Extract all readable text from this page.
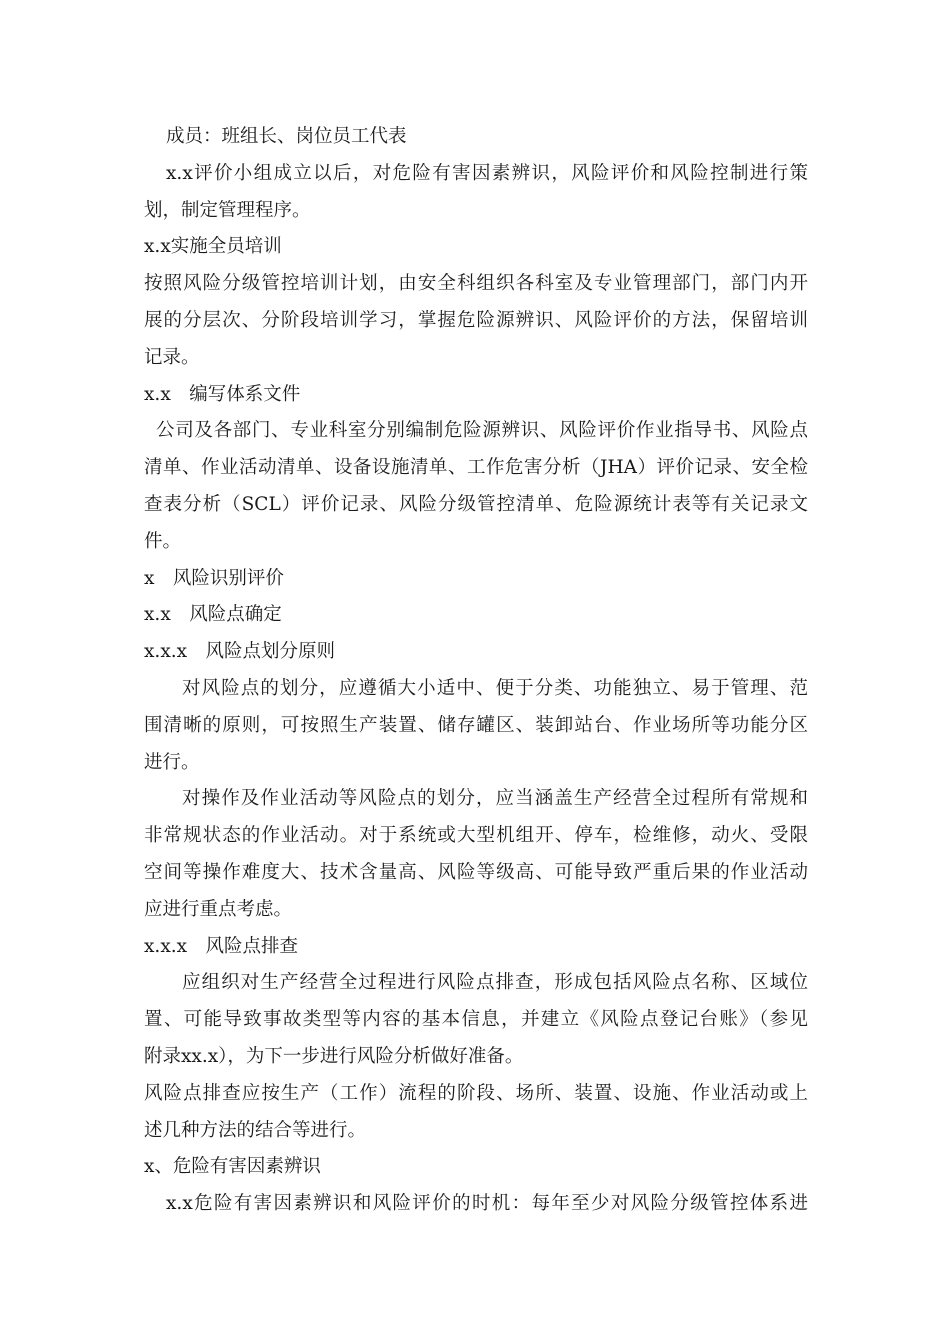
成员：班组长、岗位员工代表
x.x评价小组成立以后，对危险有害因素辨识，风险评价和风险控制进行策
划，制定管理程序。
x.x实施全员培训
按照风险分级管控培训计划，由安全科组织各科室及专业管理部门，部门内开
展的分层次、分阶段培训学习，掌握危险源辨识、风险评价的方法，保留培训
记录。
x.x　编写体系文件
公司及各部门、专业科室分别编制危险源辨识、风险评价作业指导书、风险点
清单、作业活动清单、设备设施清单、工作危害分析（JHA）评价记录、安全检
查表分析（SCL）评价记录、风险分级管控清单、危险源统计表等有关记录文
件。
x　风险识别评价
x.x　风险点确定
x.x.x　风险点划分原则
对风险点的划分，应遵循大小适中、便于分类、功能独立、易于管理、范
围清晰的原则，可按照生产装置、储存罐区、装卸站台、作业场所等功能分区
进行。
对操作及作业活动等风险点的划分，应当涵盖生产经营全过程所有常规和
非常规状态的作业活动。对于系统或大型机组开、停车，检维修，动火、受限
空间等操作难度大、技术含量高、风险等级高、可能导致严重后果的作业活动
应进行重点考虑。
x.x.x　风险点排查
应组织对生产经营全过程进行风险点排查，形成包括风险点名称、区域位
置、可能导致事故类型等内容的基本信息，并建立《风险点登记台账》（参见
附录xx.x），为下一步进行风险分析做好准备。
风险点排查应按生产（工作）流程的阶段、场所、装置、设施、作业活动或上
述几种方法的结合等进行。
x、危险有害因素辨识
x.x危险有害因素辨识和风险评价的时机：每年至少对风险分级管控体系进
